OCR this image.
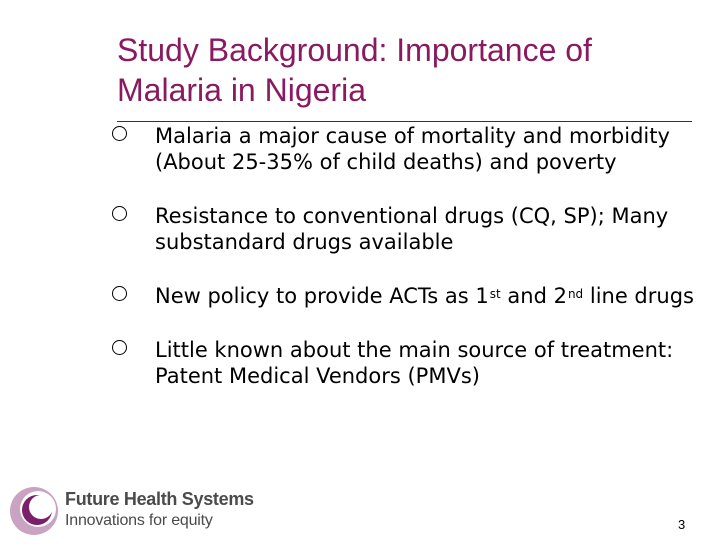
Study Background: Importance of Malaria in Nigeria
Malaria a major cause of mortality and morbidity (About 25-35% of child deaths) and poverty
Resistance to conventional drugs (CQ, SP); Many substandard drugs available
New policy to provide ACTs as 1st and 2nd line drugs
Little known about the main source of treatment: Patent Medical Vendors (PMVs)
Future Health Systems
Innovations for equity	3
